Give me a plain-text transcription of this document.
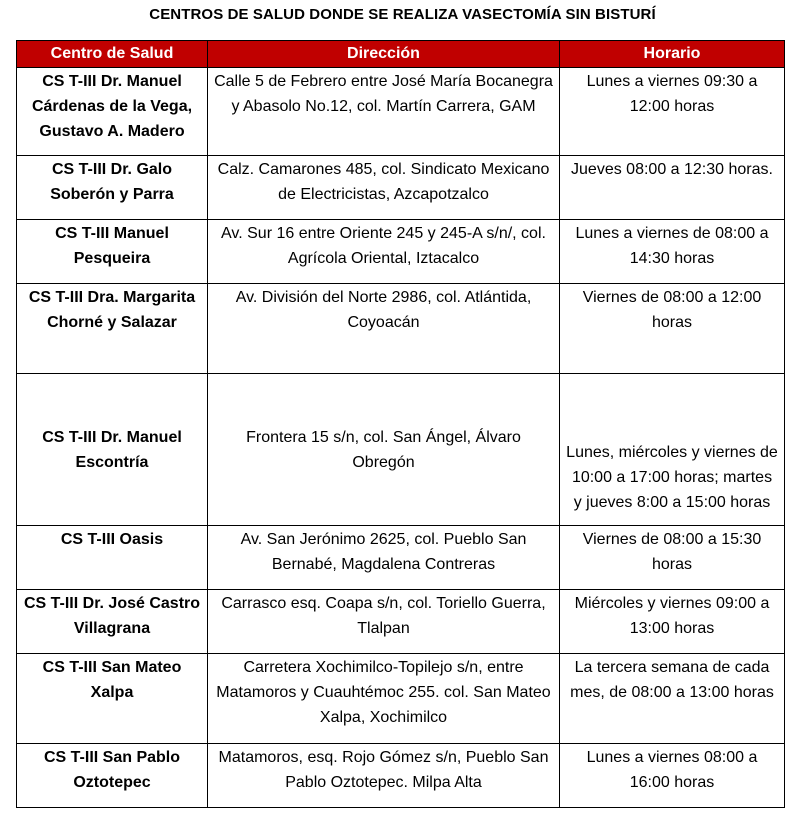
CENTROS DE SALUD DONDE SE REALIZA VASECTOMÍA SIN BISTURÍ
Centro de Salud	Dirección	Horario
CS T-III Dr. Manuel Cárdenas de la Vega, Gustavo A. Madero	Calle 5 de Febrero entre José María Bocanegra y Abasolo No.12, col. Martín Carrera, GAM	Lunes a viernes 09:30 a 12:00 horas
CS T-III Dr. Galo Soberón y Parra	Calz. Camarones 485, col. Sindicato Mexicano de Electricistas, Azcapotzalco	Jueves 08:00 a 12:30 horas.
CS T-III Manuel Pesqueira	Av. Sur 16 entre Oriente 245 y 245-A s/n/, col. Agrícola Oriental, Iztacalco	Lunes a viernes de 08:00 a 14:30 horas
CS T-III Dra. Margarita Chorné y Salazar	Av. División del Norte 2986, col. Atlántida, Coyoacán	Viernes de 08:00 a 12:00 horas
CS T-III Dr. Manuel Escontría	Frontera 15 s/n, col. San Ángel, Álvaro Obregón	Lunes, miércoles y viernes de 10:00 a 17:00 horas; martes y jueves 8:00 a 15:00 horas
CS T-III Oasis	Av. San Jerónimo 2625, col. Pueblo San Bernabé, Magdalena Contreras	Viernes de 08:00 a 15:30 horas
CS T-III Dr. José Castro Villagrana	Carrasco esq. Coapa s/n, col. Toriello Guerra, Tlalpan	Miércoles y viernes 09:00 a 13:00 horas
CS T-III San Mateo Xalpa	Carretera Xochimilco-Topilejo s/n, entre Matamoros y Cuauhtémoc 255. col. San Mateo Xalpa, Xochimilco	La tercera semana de cada mes, de 08:00 a 13:00 horas
CS T-III San Pablo Oztotepec	Matamoros, esq. Rojo Gómez s/n, Pueblo San Pablo Oztotepec. Milpa Alta	Lunes a viernes 08:00 a 16:00 horas
